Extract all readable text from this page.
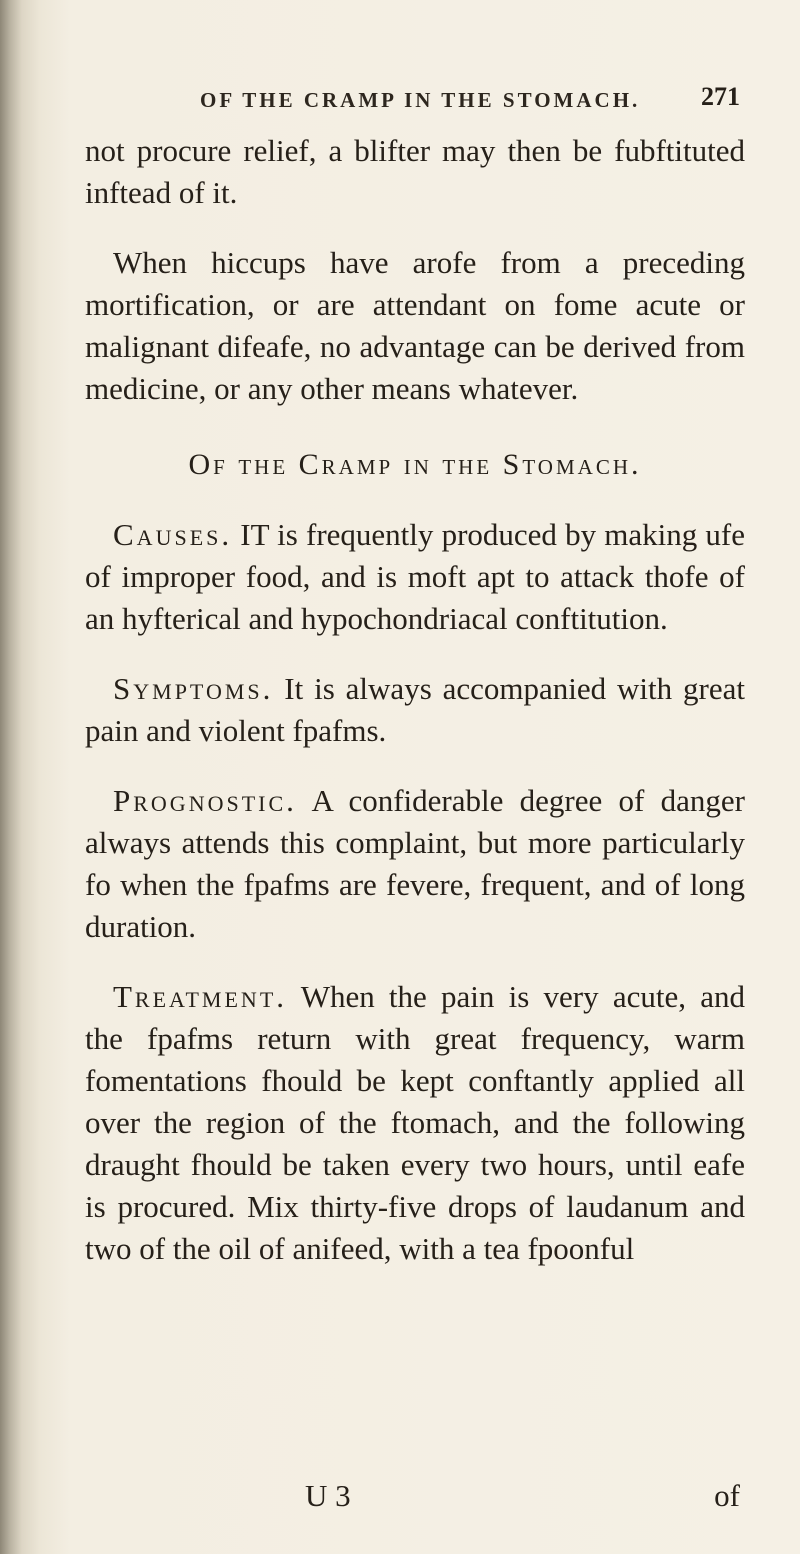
OF THE CRAMP IN THE STOMACH. 271

not procure relief, a blifter may then be fubftituted inftead of it.

When hiccups have arofe from a preceding mortification, or are attendant on fome acute or malignant difeafe, no advantage can be derived from medicine, or any other means whatever.

Of the Cramp in the Stomach.

Causes. IT is frequently produced by making ufe of improper food, and is moft apt to attack thofe of an hyfterical and hypochondriacal conftitution.

Symptoms. It is always accompanied with great pain and violent fpafms.

Prognostic. A confiderable degree of danger always attends this complaint, but more particularly fo when the fpafms are fevere, frequent, and of long duration.

Treatment. When the pain is very acute, and the fpafms return with great frequency, warm fomentations fhould be kept conftantly applied all over the region of the ftomach, and the following draught fhould be taken every two hours, until eafe is procured. Mix thirty-five drops of laudanum and two of the oil of anifeed, with a tea fpoonful

U 3	of
